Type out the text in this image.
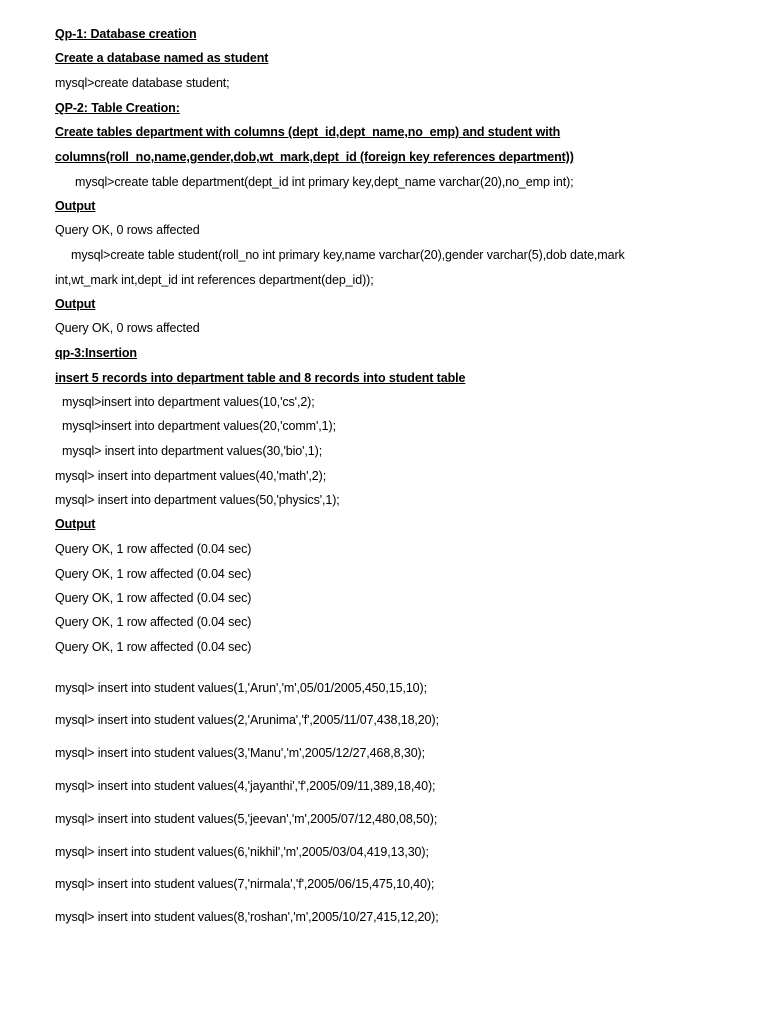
Qp-1: Database creation
Create a database named as student
mysql>create database student;
QP-2: Table Creation:
Create tables department with columns (dept_id,dept_name,no_emp) and student with
columns(roll_no,name,gender,dob,wt_mark,dept_id (foreign key references department))
mysql>create table department(dept_id int primary key,dept_name varchar(20),no_emp int);
Output
Query OK, 0 rows affected
mysql>create table student(roll_no int primary key,name varchar(20),gender varchar(5),dob date,mark
int,wt_mark int,dept_id int references department(dep_id));
Output
Query OK, 0 rows affected
qp-3:Insertion
insert 5 records into department table and 8 records into student table
mysql>insert into department values(10,'cs',2);
mysql>insert into department values(20,'comm',1);
mysql> insert into department values(30,'bio',1);
mysql> insert into department values(40,'math',2);
mysql> insert into department values(50,'physics',1);
Output
Query OK, 1 row affected (0.04 sec)
Query OK, 1 row affected (0.04 sec)
Query OK, 1 row affected (0.04 sec)
Query OK, 1 row affected (0.04 sec)
Query OK, 1 row affected (0.04 sec)
mysql> insert into student values(1,'Arun','m',05/01/2005,450,15,10);
mysql> insert into student values(2,'Arunima','f',2005/11/07,438,18,20);
mysql> insert into student values(3,'Manu','m',2005/12/27,468,8,30);
mysql> insert into student values(4,'jayanthi','f',2005/09/11,389,18,40);
mysql> insert into student values(5,'jeevan','m',2005/07/12,480,08,50);
mysql> insert into student values(6,'nikhil','m',2005/03/04,419,13,30);
mysql> insert into student values(7,'nirmala','f',2005/06/15,475,10,40);
mysql> insert into student values(8,'roshan','m',2005/10/27,415,12,20);
